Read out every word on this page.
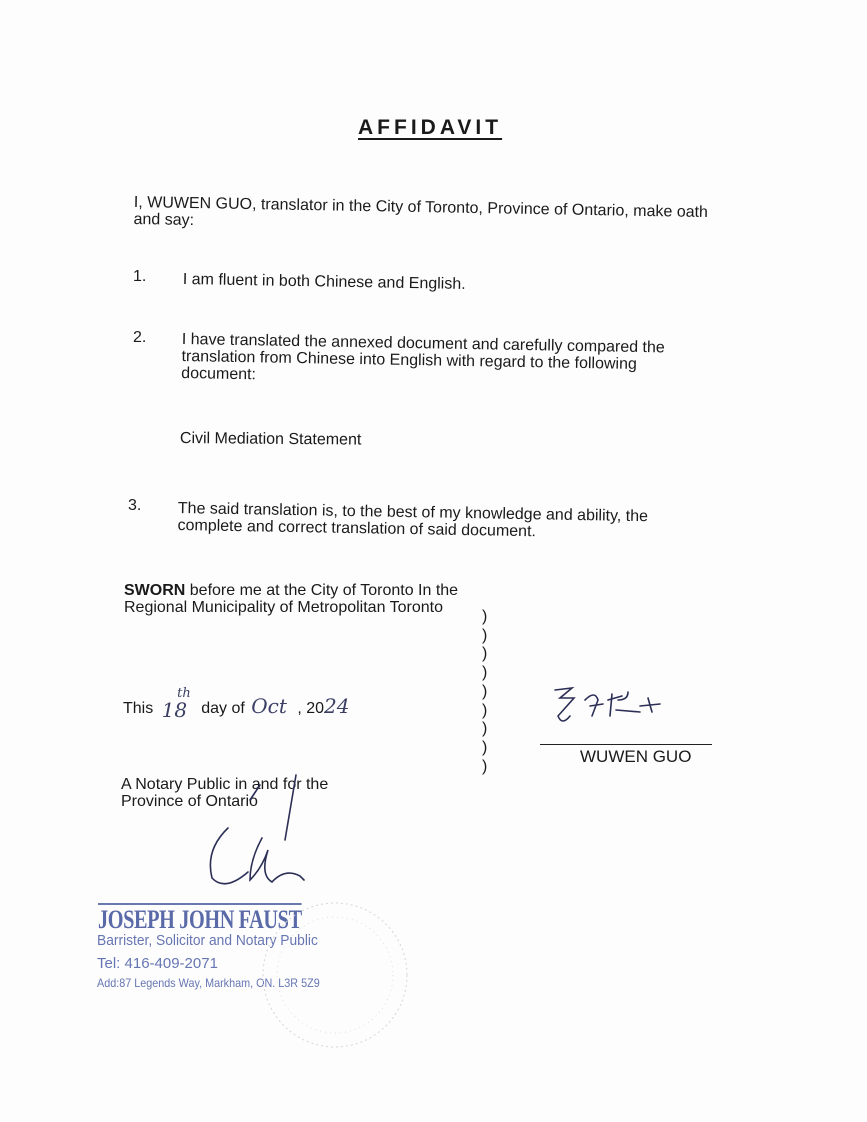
AFFIDAVIT

I, WUWEN GUO, translator in the City of Toronto, Province of Ontario, make oath and say:

1. I am fluent in both Chinese and English.

2. I have translated the annexed document and carefully compared the translation from Chinese into English with regard to the following document:

Civil Mediation Statement

3. The said translation is, to the best of my knowledge and ability, the complete and correct translation of said document.

SWORN before me at the City of Toronto In the Regional Municipality of Metropolitan Toronto

)
)
)
)
)
)
)
)
)
This 18th day of Oct , 2024
WUWEN GUO

A Notary Public in and for the Province of Ontario

JOSEPH JOHN FAUST
Barrister, Solicitor and Notary Public
Tel: 416-409-2071
Add:87 Legends Way, Markham, ON. L3R 5Z9
